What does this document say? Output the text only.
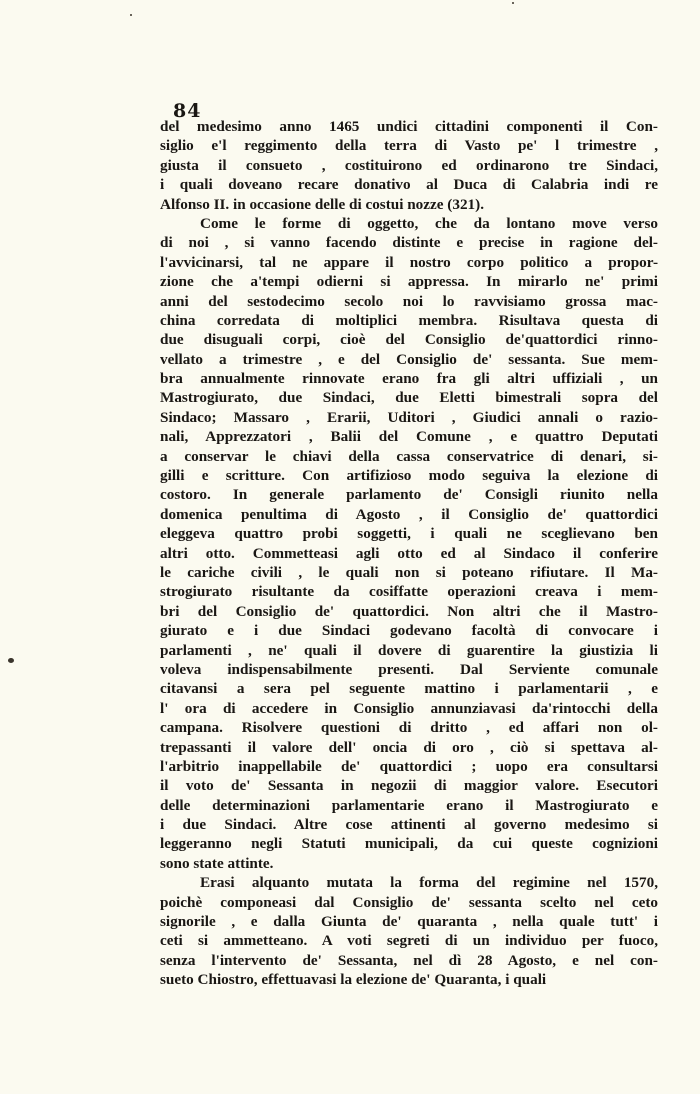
84
del medesimo anno 1465 undici cittadini componenti il Con-
siglio e'l reggimento della terra di Vasto pe' l trimestre ,
giusta il consueto , costituirono ed ordinarono tre Sindaci,
i quali doveano recare donativo al Duca di Calabria indi re
Alfonso II. in occasione delle di costui nozze (321).
Come le forme di oggetto, che da lontano move verso
di noi , si vanno facendo distinte e precise in ragione del-
l'avvicinarsi, tal ne appare il nostro corpo politico a propor-
zione che a'tempi odierni si appressa. In mirarlo ne' primi
anni del sestodecimo secolo noi lo ravvisiamo grossa mac-
china corredata di moltiplici membra. Risultava questa di
due disuguali corpi, cioè del Consiglio de'quattordici rinno-
vellato a trimestre , e del Consiglio de' sessanta. Sue mem-
bra annualmente rinnovate erano fra gli altri uffiziali , un
Mastrogiurato, due Sindaci, due Eletti bimestrali sopra del
Sindaco; Massaro , Erarii, Uditori , Giudici annali o razio-
nali, Apprezzatori , Balii del Comune , e quattro Deputati
a conservar le chiavi della cassa conservatrice di denari, si-
gilli e scritture. Con artifizioso modo seguiva la elezione di
costoro. In generale parlamento de' Consigli riunito nella
domenica penultima di Agosto , il Consiglio de' quattordici
eleggeva quattro probi soggetti, i quali ne sceglievano ben
altri otto. Commetteasi agli otto ed al Sindaco il conferire
le cariche civili , le quali non si poteano rifiutare. Il Ma-
strogiurato risultante da cosiffatte operazioni creava i mem-
bri del Consiglio de' quattordici. Non altri che il Mastro-
giurato e i due Sindaci godevano facoltà di convocare i
parlamenti , ne' quali il dovere di guarentire la giustizia li
voleva indispensabilmente presenti. Dal Serviente comunale
citavansi a sera pel seguente mattino i parlamentarii , e
l' ora di accedere in Consiglio annunziavasi da'rintocchi della
campana. Risolvere questioni di dritto , ed affari non ol-
trepassanti il valore dell' oncia di oro , ciò si spettava al-
l'arbitrio inappellabile de' quattordici ; uopo era consultarsi
il voto de' Sessanta in negozii di maggior valore. Esecutori
delle determinazioni parlamentarie erano il Mastrogiurato e
i due Sindaci. Altre cose attinenti al governo medesimo si
leggeranno negli Statuti municipali, da cui queste cognizioni
sono state attinte.
Erasi alquanto mutata la forma del regimine nel 1570,
poichè componeasi dal Consiglio de' sessanta scelto nel ceto
signorile , e dalla Giunta de' quaranta , nella quale tutt' i
ceti si ammetteano. A voti segreti di un individuo per fuoco,
senza l'intervento de' Sessanta, nel dì 28 Agosto, e nel con-
sueto Chiostro, effettuavasi la elezione de' Quaranta, i quali
